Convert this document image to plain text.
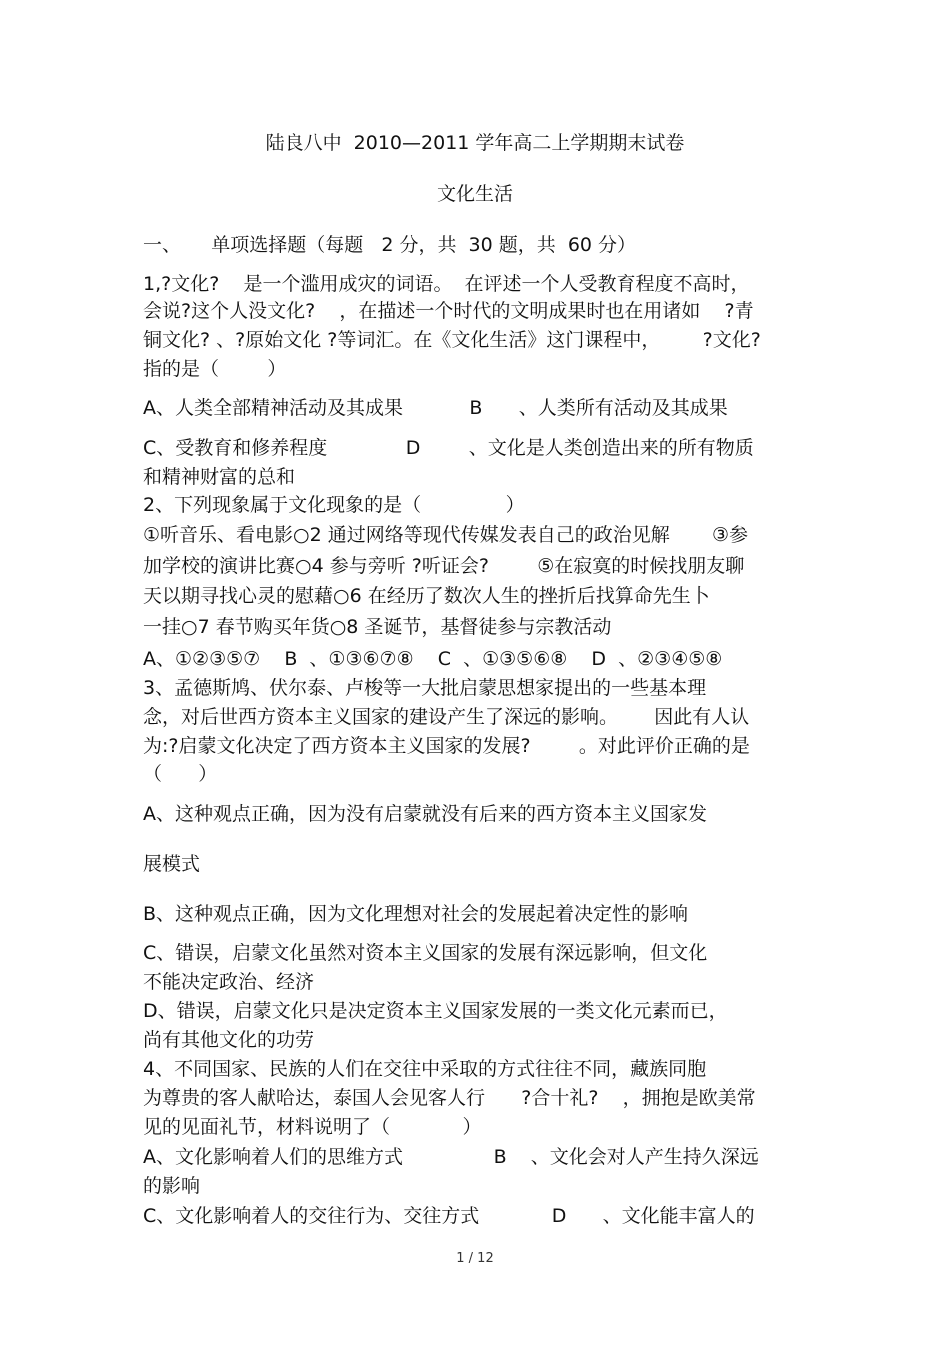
陆良八中  2010—2011 学年高二上学期期末试卷
文化生活
一、     单项选择题（每题   2 分，共  30 题，共  60 分）
1,?文化?    是一个滥用成灾的词语。  在评述一个人受教育程度不高时，
会说?这个人没文化?    ，在描述一个时代的文明成果时也在用诸如    ?青
铜文化? 、?原始文化 ?等词汇。在《文化生活》这门课程中，       ?文化?
指的是（        ）
A、人类全部精神活动及其成果           B      、人类所有活动及其成果
C、受教育和修养程度             D        、文化是人类创造出来的所有物质
和精神财富的总和
2、下列现象属于文化现象的是（              ）
①听音乐、看电影○2 通过网络等现代传媒发表自己的政治见解       ③参
加学校的演讲比赛○4 参与旁听 ?听证会?        ⑤在寂寞的时候找朋友聊
天以期寻找心灵的慰藉○6 在经历了数次人生的挫折后找算命先生卜
一挂○7 春节购买年货○8 圣诞节，基督徒参与宗教活动
A、①②③⑤⑦    B  、①③⑥⑦⑧    C  、①③⑤⑥⑧    D  、②③④⑤⑧
3、孟德斯鸠、伏尔泰、卢梭等一大批启蒙思想家提出的一些基本理
念，对后世西方资本主义国家的建设产生了深远的影响。      因此有人认
为:?启蒙文化决定了西方资本主义国家的发展?        。对此评价正确的是
（      ）
A、这种观点正确，因为没有启蒙就没有后来的西方资本主义国家发
展模式
B、这种观点正确，因为文化理想对社会的发展起着决定性的影响
C、错误，启蒙文化虽然对资本主义国家的发展有深远影响，但文化
不能决定政治、经济
D、错误，启蒙文化只是决定资本主义国家发展的一类文化元素而已，
尚有其他文化的功劳
4、不同国家、民族的人们在交往中采取的方式往往不同，藏族同胞
为尊贵的客人献哈达，泰国人会见客人行      ?合十礼?    ，拥抱是欧美常
见的见面礼节，材料说明了（            ）
A、文化影响着人们的思维方式               B    、文化会对人产生持久深远
的影响
C、文化影响着人的交往行为、交往方式            D      、文化能丰富人的
1 / 12
